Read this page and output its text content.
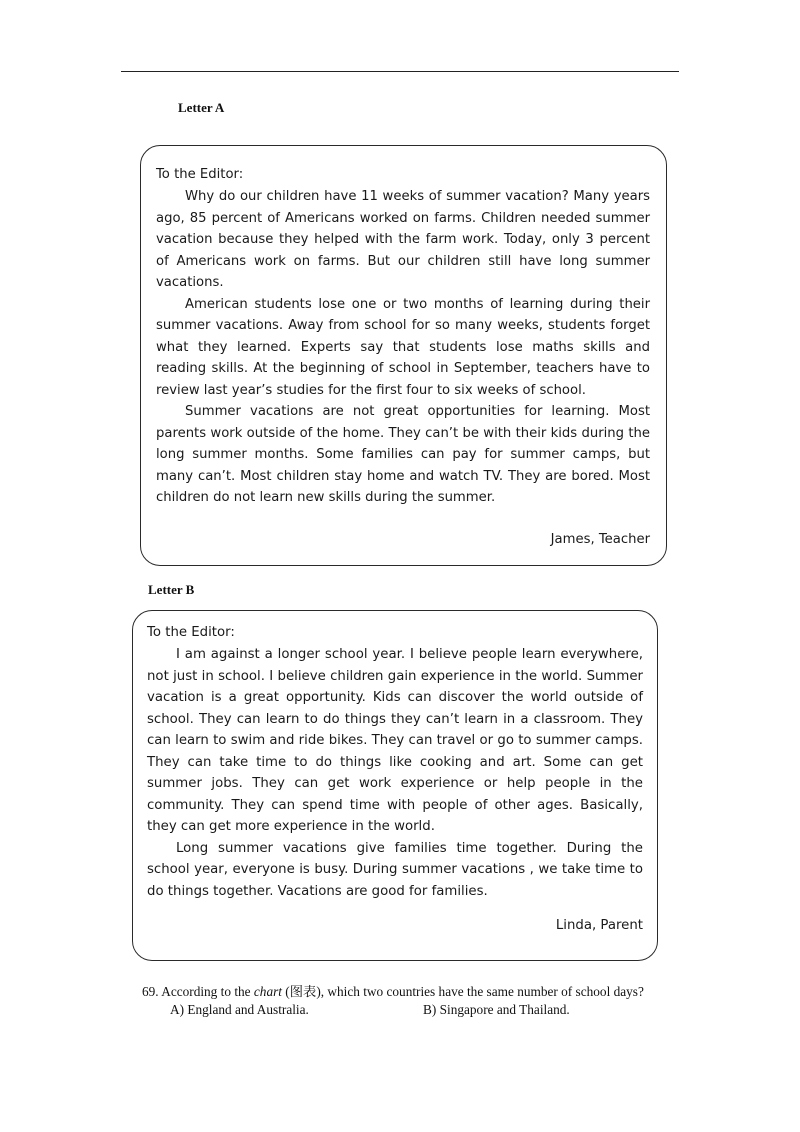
Letter A

To the Editor:

Why do our children have 11 weeks of summer vacation? Many years ago, 85 percent of Americans worked on farms. Children needed summer vacation because they helped with the farm work. Today, only 3 percent of Americans work on farms. But our children still have long summer vacations.

American students lose one or two months of learning during their summer vacations. Away from school for so many weeks, students forget what they learned. Experts say that students lose maths skills and reading skills. At the beginning of school in September, teachers have to review last year’s studies for the first four to six weeks of school.

Summer vacations are not great opportunities for learning. Most parents work outside of the home. They can’t be with their kids during the long summer months. Some families can pay for summer camps, but many can’t. Most children stay home and watch TV. They are bored. Most children do not learn new skills during the summer.

James, Teacher

Letter B

To the Editor:

I am against a longer school year. I believe people learn everywhere, not just in school. I believe children gain experience in the world. Summer vacation is a great opportunity. Kids can discover the world outside of school. They can learn to do things they can’t learn in a classroom. They can learn to swim and ride bikes. They can travel or go to summer camps. They can take time to do things like cooking and art. Some can get summer jobs. They can get work experience or help people in the community. They can spend time with people of other ages. Basically, they can get more experience in the world.

Long summer vacations give families time together. During the school year, everyone is busy. During summer vacations , we take time to do things together. Vacations are good for families.

Linda, Parent

69. According to the chart (图表), which two countries have the same number of school days?
A) England and Australia.	B) Singapore and Thailand.
